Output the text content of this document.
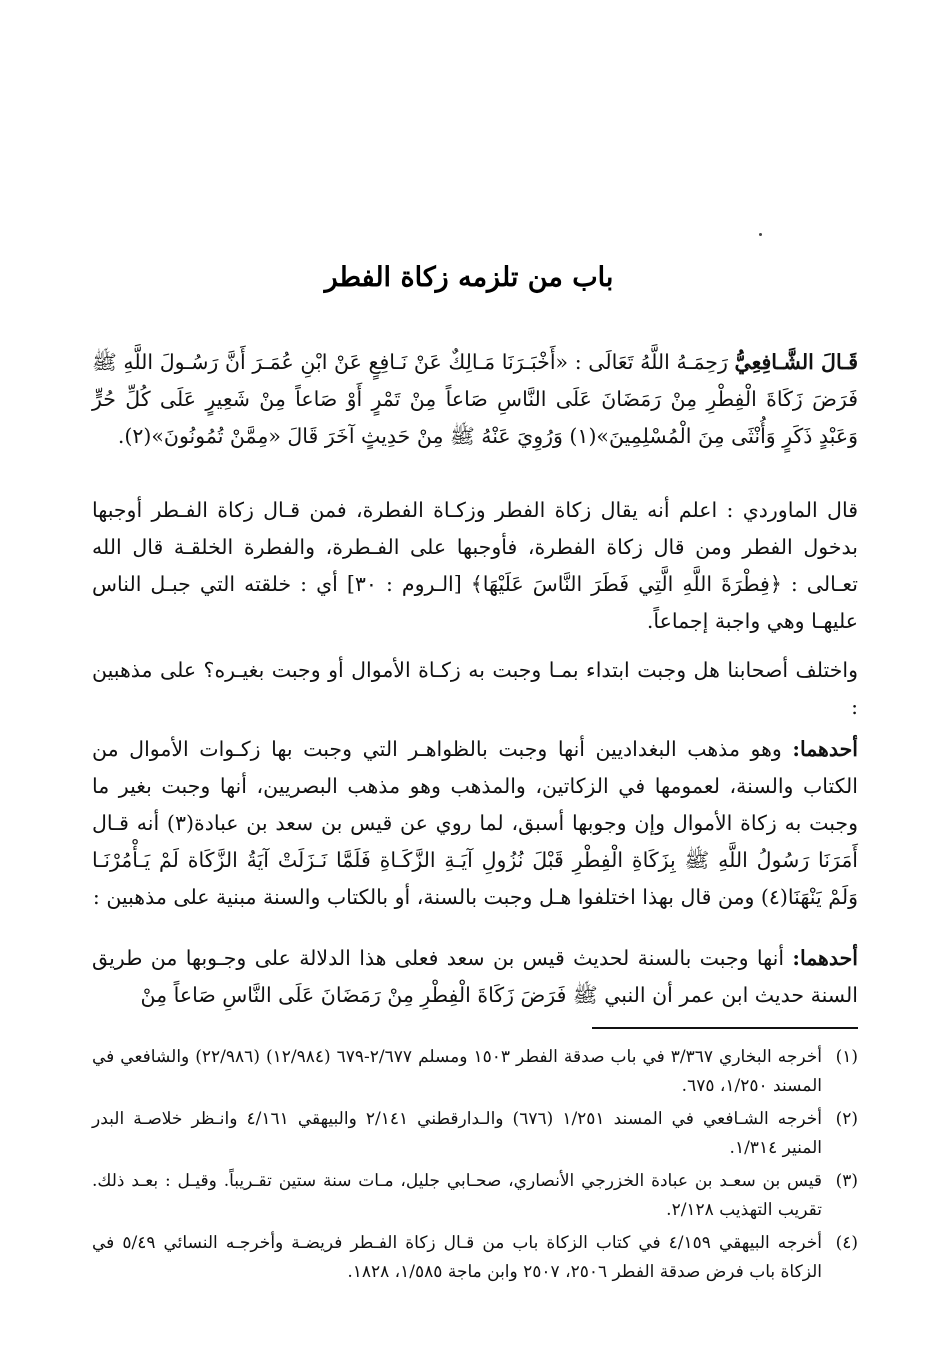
باب من تلزمه زكاة الفطر

قَـالَ الشَّـافِعِيُّ رَحِمَـهُ اللَّهُ تَعَالَى : «أَخْبَـرَنَا مَـالِكٌ عَنْ نَـافِعٍ عَنْ ابْنِ عُمَـرَ أَنَّ رَسُـولَ اللَّهِ ﷺ فَرَضَ زَكَاةَ الْفِطْرِ مِنْ رَمَضَانَ عَلَى النَّاسِ صَاعاً مِنْ تَمْرٍ أَوْ صَاعاً مِنْ شَعِيرٍ عَلَى كُلِّ حُرٍّ وَعَبْدٍ ذَكَرٍ وَأُنْثَى مِنَ الْمُسْلِمِينَ»(١) وَرُوِيَ عَنْهُ ﷺ مِنْ حَدِيثٍ آخَرَ قَالَ «مِمَّنْ تُمُونُونَ»(٢).

قال الماوردي : اعلم أنه يقال زكاة الفطر وزكـاة الفطرة، فمن قـال زكاة الفـطر أوجبها بدخول الفطر ومن قال زكاة الفطرة، فأوجبها على الفـطرة، والفطرة الخلقـة قال الله تعـالى : ﴿فِطْرَةَ اللَّهِ الَّتِي فَطَرَ النَّاسَ عَلَيْهَا﴾ [الـروم : ٣٠] أي : خلقته التي جبـل الناس عليهـا وهي واجبة إجماعاً.

واختلف أصحابنا هل وجبت ابتداء بمـا وجبت به زكـاة الأموال أو وجبت بغيـره؟ على مذهبين :

أحدهما: وهو مذهب البغداديين أنها وجبت بالظواهـر التي وجبت بها زكـوات الأموال من الكتاب والسنة، لعمومها في الزكاتين، والمذهب وهو مذهب البصريين، أنها وجبت بغير ما وجبت به زكاة الأموال وإن وجوبها أسبق، لما روي عن قيس بن سعد بن عبادة(٣) أنه قـال أَمَرَنَا رَسُولُ اللَّهِ ﷺ بِزَكَاةِ الْفِطْرِ قَبْلَ نُزُولِ آيَـةِ الزَّكَـاةِ فَلَمَّا نَـزَلَتْ آيَةُ الزَّكَاة لَمْ يَـأْمُرْنَـا وَلَمْ يَنْهَنَا(٤) ومن قال بهذا اختلفوا هـل وجبت بالسنة، أو بالكتاب والسنة مبنية على مذهبين :

أحدهما: أنها وجبت بالسنة لحديث قيس بن سعد فعلى هذا الدلالة على وجـوبها من طريق السنة حديث ابن عمر أن النبي ﷺ فَرَضَ زَكَاةَ الْفِطْرِ مِنْ رَمَضَانَ عَلَى النَّاسِ صَاعاً مِنْ

(١)
أخرجه البخاري ٣/٣٦٧ في باب صدقة الفطر ١٥٠٣ ومسلم ٢/٦٧٧-٦٧٩ (١٢/٩٨٤) (٢٢/٩٨٦) والشافعي في المسند ١/٢٥٠، ٦٧٥.
(٢)
أخرجه الشـافعي في المسند ١/٢٥١ (٦٧٦) والـدارقطني ٢/١٤١ والبيهقي ٤/١٦١ وانـظر خلاصـة البدر المنير ١/٣١٤.
(٣)
قيس بن سعـد بن عبادة الخزرجي الأنصاري، صحـابي جليل، مـات سنة ستين تقـريباً. وقيـل : بعـد ذلك. تقريب التهذيب ٢/١٢٨.
(٤)
أخرجه البيهقي ٤/١٥٩ في كتاب الزكاة باب من قـال زكاة الفـطر فريضـة وأخرجـه النسائي ٥/٤٩ في الزكاة باب فرض صدقة الفطر ٢٥٠٦، ٢٥٠٧ وابن ماجة ١/٥٨٥، ١٨٢٨.
